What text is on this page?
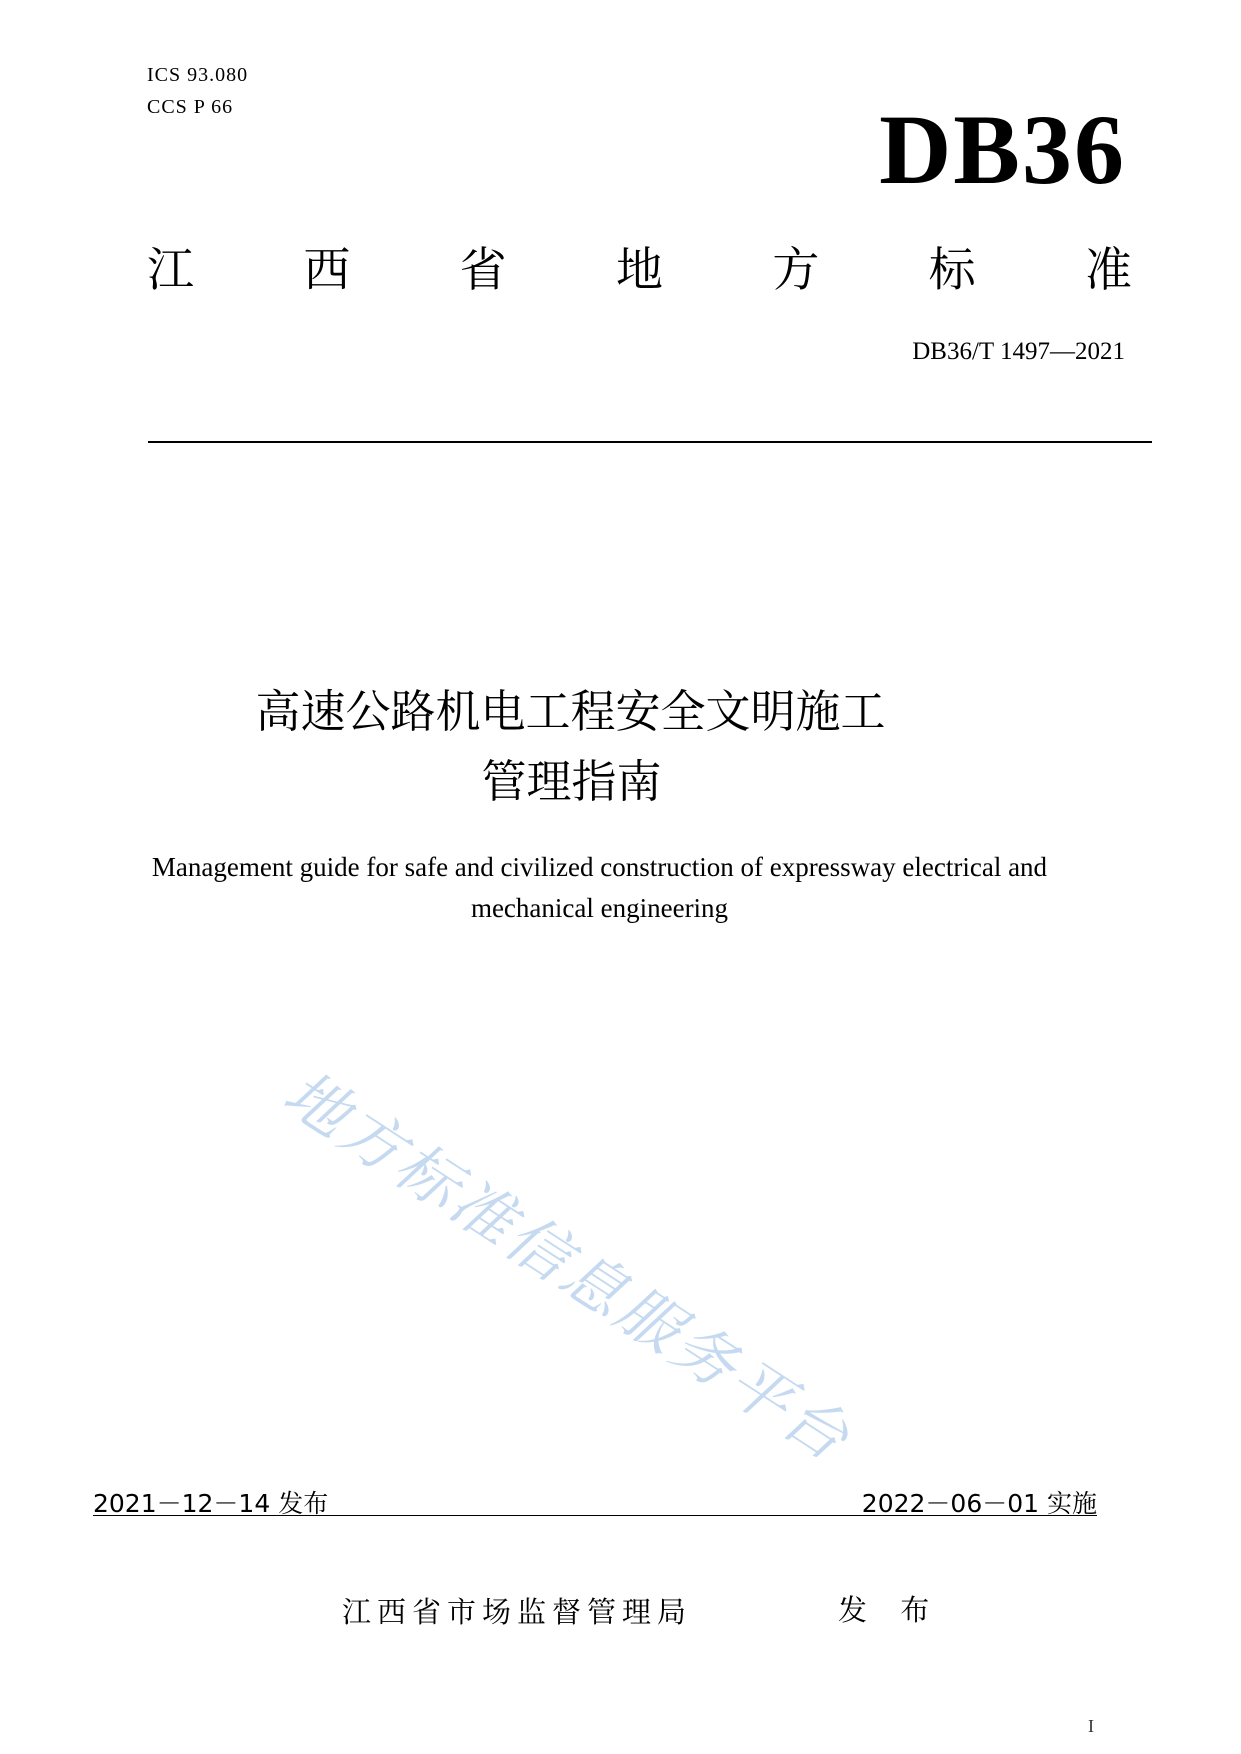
ICS 93.080
CCS P 66	DB36
江 西 省 地 方 标 准
DB36/T 1497—2021
高速公路机电工程安全文明施工
管理指南
Management guide for safe and civilized construction of expressway electrical and
mechanical engineering
地方标准信息服务平台
2021－12－14 发布	2022－06－01 实施
江西省市场监督管理局	发 布
I
